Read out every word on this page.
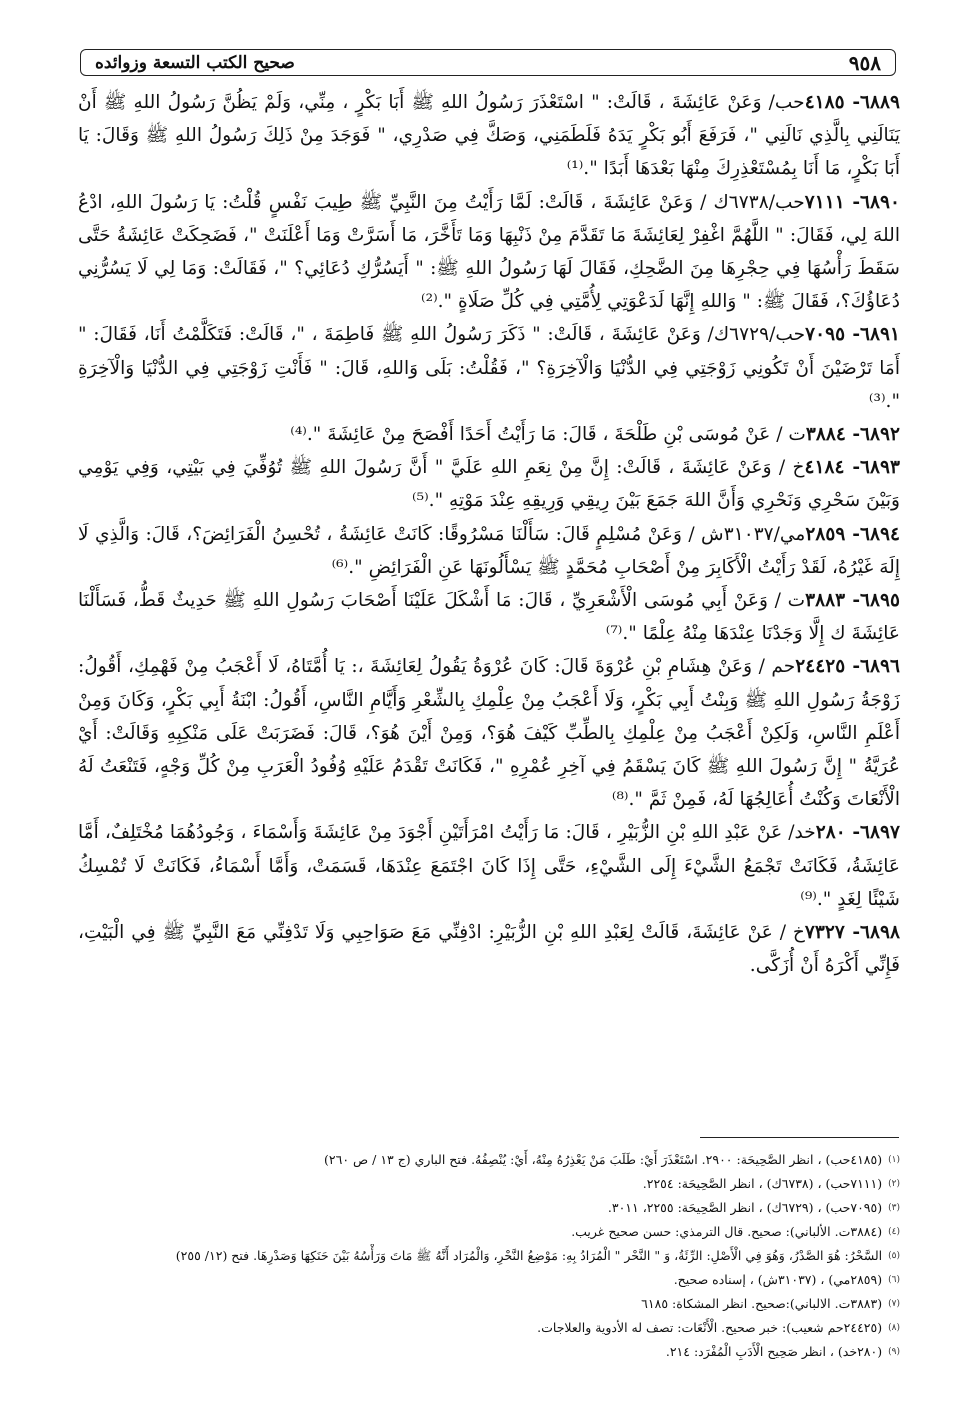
٩٥٨
صحيح الكتب التسعة وزوائده

٦٨٨٩- ٤١٨٥حب/ وَعَنْ عَائِشَةَ ، قَالَتْ: " اسْتَعْذَرَ رَسُولُ اللهِ ﷺ أَبَا بَكْرٍ ، مِنِّي، وَلَمْ يَظُنَّ رَسُولُ اللهِ ﷺ أَنْ يَنَالَنِي بِالَّذِي نَالَنِي "، فَرَفَعَ أَبُو بَكْرٍ يَدَهُ فَلَطَمَنِي، وَصَكَّ فِي صَدْرِي، " فَوَجَدَ مِنْ ذَلِكَ رَسُولُ اللهِ ﷺ وَقَالَ: يَا أَبَا بَكْرٍ، مَا أَنَا بِمُسْتَعْذِرِكَ مِنْهَا بَعْدَهَا أَبَدًا ".⁽¹⁾

٦٨٩٠- ٧١١١حب/٦٧٣٨ك / وَعَنْ عَائِشَةَ ، قَالَتْ: لَمَّا رَأَيْتُ مِنَ النَّبِيِّ ﷺ طِيبَ نَفْسٍ قُلْتُ: يَا رَسُولَ اللهِ، ادْعُ اللهَ لِي، فَقَالَ: " اللَّهُمَّ اغْفِرْ لِعَائِشَةَ مَا تَقَدَّمَ مِنْ ذَنْبِهَا وَمَا تَأَخَّرَ، مَا أَسَرَّتْ وَمَا أَعْلَنَتْ "، فَضَحِكَتْ عَائِشَةُ حَتَّى سَقَطَ رَأْسُهَا فِي حِجْرِهَا مِنَ الضَّحِكِ، فَقَالَ لَهَا رَسُولُ اللهِ ﷺ: " أَيَسُرُّكِ دُعَائِي؟ "، فَقَالَتْ: وَمَا لِي لَا يَسُرُّنِي دُعَاؤُكَ؟، فَقَالَ ﷺ: " وَاللهِ إِنَّهَا لَدَعْوَتِي لِأُمَّتِي فِي كُلِّ صَلَاةٍ ".⁽²⁾

٦٨٩١- ٧٠٩٥حب/٦٧٢٩ك/ وَعَنْ عَائِشَةَ ، قَالَتْ: " ذَكَرَ رَسُولُ اللهِ ﷺ فَاطِمَةَ ، "، قَالَتْ: فَتَكَلَّمْتُ أَنَا، فَقَالَ: " أَمَا تَرْضَيْنَ أَنْ تَكُونِي زَوْجَتِي فِي الدُّنْيَا وَالْآخِرَةِ؟ "، فَقُلْتُ: بَلَى وَاللهِ، قَالَ: " فَأَنْتِ زَوْجَتِي فِي الدُّنْيَا وَالْآخِرَةِ ".⁽³⁾

٦٨٩٢- ٣٨٨٤ت / عَنْ مُوسَى بْنِ طَلْحَةَ ، قَالَ: مَا رَأَيْتُ أَحَدًا أَفْصَحَ مِنْ عَائِشَةَ ".⁽⁴⁾

٦٨٩٣- ٤١٨٤خ / وَعَنْ عَائِشَةَ ، قَالَتْ: إِنَّ مِنْ نِعَمِ اللهِ عَلَيَّ " أَنَّ رَسُولَ اللهِ ﷺ تُوُفِّيَ فِي بَيْتِي، وَفِي يَوْمِي وَبَيْنَ سَحْرِي وَنَحْرِي وَأَنَّ اللهَ جَمَعَ بَيْنَ رِيقِي وَرِيقِهِ عِنْدَ مَوْتِهِ ".⁽⁵⁾

٦٨٩٤- ٢٨٥٩مي/٣١٠٣٧ش / وَعَنْ مُسْلِمٍ قَالَ: سَأَلْنَا مَسْرُوقًا: كَانَتْ عَائِشَةُ ، تُحْسِنُ الْفَرَائِضَ؟، قَالَ: وَالَّذِي لَا إِلَهَ غَيْرُهُ، لَقَدْ رَأَيْتُ الْأَكَابِرَ مِنْ أَصْحَابِ مُحَمَّدٍ ﷺ يَسْأَلُونَهَا عَنِ الْفَرَائِضِ ".⁽⁶⁾

٦٨٩٥- ٣٨٨٣ت / وَعَنْ أَبِي مُوسَى الْأَشْعَرِيِّ ، قَالَ: مَا أَشْكَلَ عَلَيْنَا أَصْحَابَ رَسُولِ اللهِ ﷺ حَدِيثٌ قَطُّ، فَسَأَلْنَا عَائِشَةَ ك إِلَّا وَجَدْنَا عِنْدَهَا مِنْهُ عِلْمًا ".⁽⁷⁾

٦٨٩٦- ٢٤٤٢٥حم / وَعَنْ هِشَامِ بْنِ عُرْوَةَ قَالَ: كَانَ عُرْوَةُ يَقُولُ لِعَائِشَةَ ،: يَا أُمَّتَاهُ، لَا أَعْجَبُ مِنْ فَهْمِكِ، أَقُولُ: زَوْجَةُ رَسُولِ اللهِ ﷺ وَبِنْتُ أَبِي بَكْرٍ، وَلَا أَعْجَبُ مِنْ عِلْمِكِ بِالشِّعْرِ وَأَيَّامِ النَّاسِ، أَقُولُ: ابْنَةُ أَبِي بَكْرٍ، وَكَانَ وَمِنْ أَعْلَمِ النَّاسِ، وَلَكِنْ أَعْجَبُ مِنْ عِلْمِكِ بِالطِّبِّ كَيْفَ هُوَ؟، وَمِنْ أَيْنَ هُوَ؟، قَالَ: فَضَرَبَتْ عَلَى مَنْكِبِهِ وَقَالَتْ: أَيْ عُرَيَّةُ " إِنَّ رَسُولَ اللهِ ﷺ كَانَ يَسْقَمُ فِي آخِرِ عُمْرِهِ "، فَكَانَتْ تَقْدَمُ عَلَيْهِ وُفُودُ الْعَرَبِ مِنْ كُلِّ وَجْهٍ، فَتَنْعَتُ لَهُ الْأَنْعَاتَ وَكُنْتُ أُعَالِجُهَا لَهُ، فَمِنْ ثَمَّ ".⁽⁸⁾

٦٨٩٧- ٢٨٠خد/ عَنْ عَبْدِ اللهِ بْنِ الزُّبَيْرِ ، قَالَ: مَا رَأَيْتُ امْرَأَتَيْنِ أَجْوَدَ مِنْ عَائِشَةَ وَأَسْمَاءَ ، وَجُودُهُمَا مُخْتَلِفٌ، أَمَّا عَائِشَةُ، فَكَانَتْ تَجْمَعُ الشَّيْءَ إِلَى الشَّيْءِ، حَتَّى إِذَا كَانَ اجْتَمَعَ عِنْدَهَا، قَسَمَتْ، وَأَمَّا أَسْمَاءُ، فَكَانَتْ لَا تُمْسِكُ شَيْئًا لِغَدٍ ".⁽⁹⁾

٦٨٩٨- ٧٣٢٧خ / عَنْ عَائِشَةَ، قَالَتْ لِعَبْدِ اللهِ بْنِ الزُّبَيْرِ: ادْفِنِّي مَعَ صَوَاحِبِي وَلَا تَدْفِنِّي مَعَ النَّبِيِّ ﷺ فِي الْبَيْتِ، فَإِنِّي أَكْرَهُ أَنْ أُزَكَّى.

$^{(١)}$(٤١٨٥حب) ، انظر الصَّحِيحَة: ٢٩٠٠. اسْتَعْذَرَ أَيْ: طَلَبَ مَنْ يَعْذِرُهُ مِنْهُ، أَيْ: يُنْصِفُهُ. فتح الباري (ج ١٣ / ص ٢٦٠)

$^{(٢)}$(٧١١١حب) ، (٦٧٣٨ك) ، انظر الصَّحِيحَة: ٢٢٥٤.

$^{(٣)}$(٧٠٩٥حب) ، (٦٧٢٩ك) ، انظر الصَّحِيحَة: ٢٢٥٥، ٣٠١١.

$^{(٤)}$(٣٨٨٤ت. الألباني): صحيح. قال الترمذي: حسن صحيح غريب.

$^{(٥)}$السَّحْرُ: هُوَ الصَّدْرُ، وَهُوَ فِي الْأَصْلِ: الرِّئَةُ، وَ " النَّحْر " الْمُرَادُ بِهِ: مَوْضِعُ النَّحْرِ، وَالْمُرَاد أَنَّهُ ﷺ مَاتَ وَرَأْسُهُ بَيْنَ حَنَكِهَا وَصَدْرِهَا. فتح (١٢/ ٢٥٥)

$^{(٦)}$(٢٨٥٩مي) ، (٣١٠٣٧ش) ، إسناده صحيح.

$^{(٧)}$(٣٨٨٣ت. الالباني):صحيح. انظر المشكاة: ٦١٨٥

$^{(٨)}$(٢٤٤٢٥حم شعيب): خبر صحيح. الْأَنْعَات: تصف له الأدوية والعلاجات.

$^{(٩)}$(٢٨٠خد) ، انظر صَحِيح الْأَدَبِ الْمُفْرَد: ٢١٤.
